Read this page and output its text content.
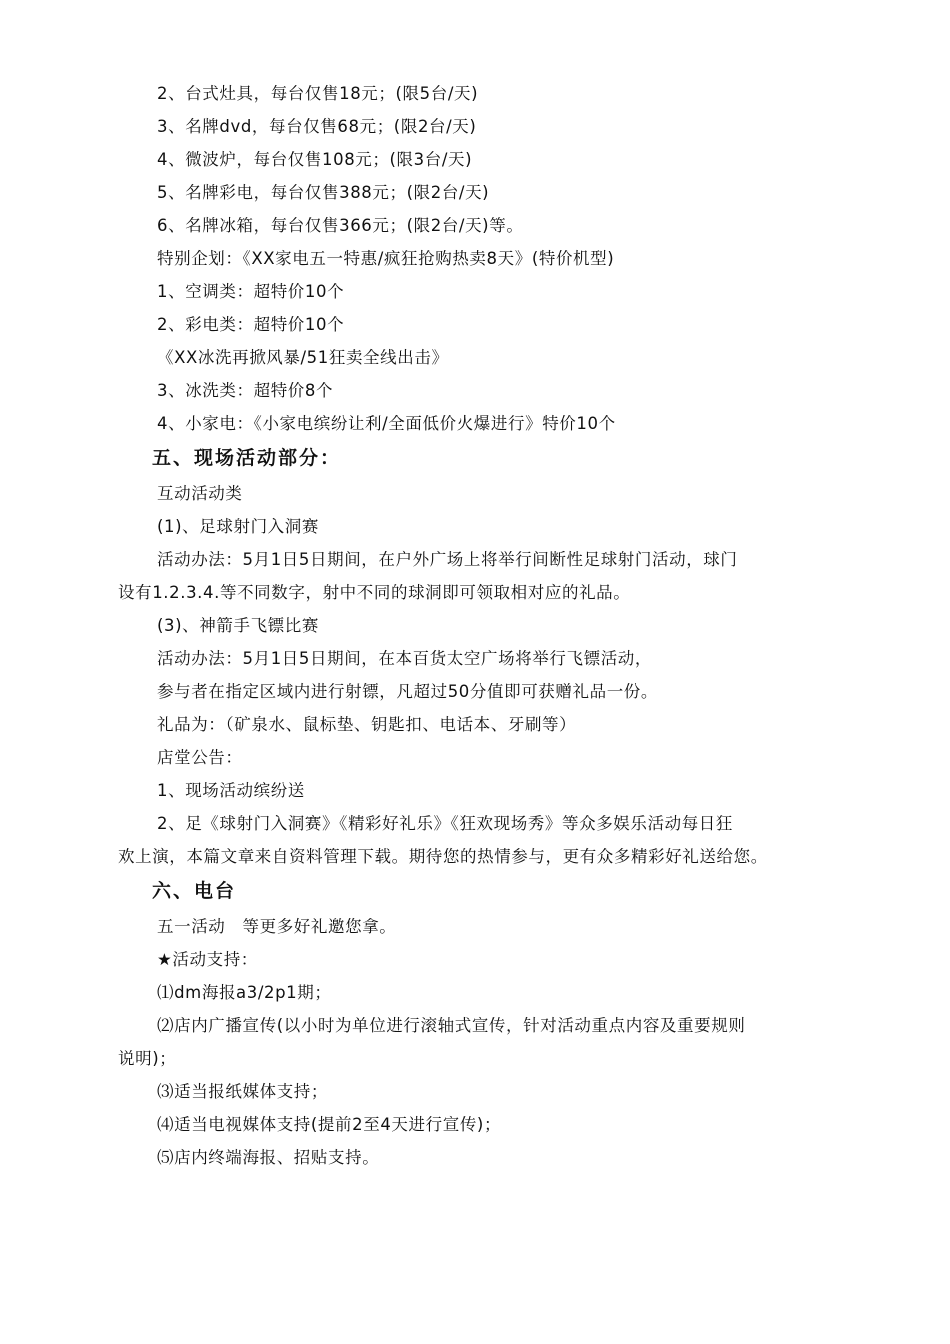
2、台式灶具，每台仅售18元；(限5台/天)
3、名牌dvd，每台仅售68元；(限2台/天)
4、微波炉，每台仅售108元；(限3台/天)
5、名牌彩电，每台仅售388元；(限2台/天)
6、名牌冰箱，每台仅售366元；(限2台/天)等。
特别企划：《XX家电五一特惠/疯狂抢购热卖8天》(特价机型)
1、空调类：超特价10个
2、彩电类：超特价10个
《XX冰洗再掀风暴/51狂卖全线出击》
3、冰洗类：超特价8个
4、小家电：《小家电缤纷让利/全面低价火爆进行》特价10个
五、现场活动部分：
互动活动类
(1)、足球射门入洞赛
活动办法：5月1日5日期间，在户外广场上将举行间断性足球射门活动，球门
设有1.2.3.4.等不同数字，射中不同的球洞即可领取相对应的礼品。
(3)、神箭手飞镖比赛
活动办法：5月1日5日期间，在本百货太空广场将举行飞镖活动，
参与者在指定区域内进行射镖，凡超过50分值即可获赠礼品一份。
礼品为：（矿泉水、鼠标垫、钥匙扣、电话本、牙刷等）
店堂公告：
1、现场活动缤纷送
2、足《球射门入洞赛》《精彩好礼乐》《狂欢现场秀》等众多娱乐活动每日狂
欢上演，本篇文章来自资料管理下载。期待您的热情参与，更有众多精彩好礼送给您。
六、电台
五一活动　等更多好礼邀您拿。
★活动支持：
⑴dm海报a3/2p1期；
⑵店内广播宣传(以小时为单位进行滚轴式宣传，针对活动重点内容及重要规则
说明)；
⑶适当报纸媒体支持；
⑷适当电视媒体支持(提前2至4天进行宣传)；
⑸店内终端海报、招贴支持。
